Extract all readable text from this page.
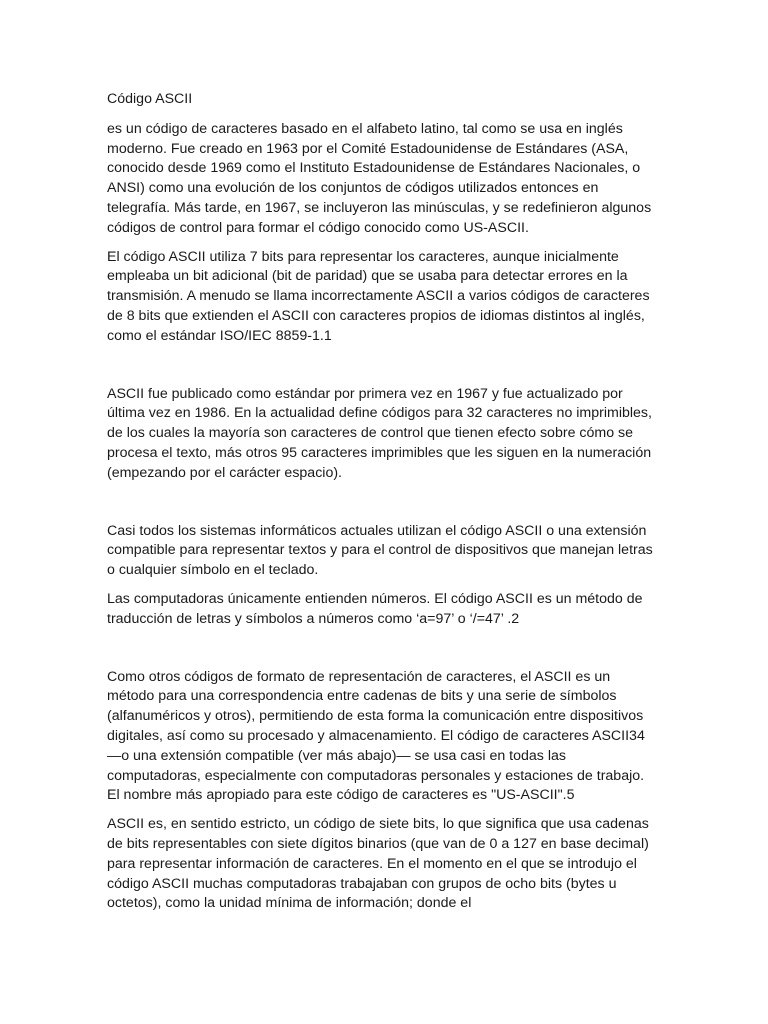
Código ASCII

es un código de caracteres basado en el alfabeto latino, tal como se usa en inglés moderno. Fue creado en 1963 por el Comité Estadounidense de Estándares (ASA, conocido desde 1969 como el Instituto Estadounidense de Estándares Nacionales, o ANSI) como una evolución de los conjuntos de códigos utilizados entonces en telegrafía. Más tarde, en 1967, se incluyeron las minúsculas, y se redefinieron algunos códigos de control para formar el código conocido como US-ASCII.

El código ASCII utiliza 7 bits para representar los caracteres, aunque inicialmente empleaba un bit adicional (bit de paridad) que se usaba para detectar errores en la transmisión. A menudo se llama incorrectamente ASCII a varios códigos de caracteres de 8 bits que extienden el ASCII con caracteres propios de idiomas distintos al inglés, como el estándar ISO/IEC 8859-1.1

ASCII fue publicado como estándar por primera vez en 1967 y fue actualizado por última vez en 1986. En la actualidad define códigos para 32 caracteres no imprimibles, de los cuales la mayoría son caracteres de control que tienen efecto sobre cómo se procesa el texto, más otros 95 caracteres imprimibles que les siguen en la numeración (empezando por el carácter espacio).

Casi todos los sistemas informáticos actuales utilizan el código ASCII o una extensión compatible para representar textos y para el control de dispositivos que manejan letras o cualquier símbolo en el teclado.

Las computadoras únicamente entienden números. El código ASCII es un método de traducción de letras y símbolos a números como ‘a=97’ o ‘/=47’ .2

Como otros códigos de formato de representación de caracteres, el ASCII es un método para una correspondencia entre cadenas de bits y una serie de símbolos (alfanuméricos y otros), permitiendo de esta forma la comunicación entre dispositivos digitales, así como su procesado y almacenamiento. El código de caracteres ASCII34 —o una extensión compatible (ver más abajo)— se usa casi en todas las computadoras, especialmente con computadoras personales y estaciones de trabajo. El nombre más apropiado para este código de caracteres es "US-ASCII".5

ASCII es, en sentido estricto, un código de siete bits, lo que significa que usa cadenas de bits representables con siete dígitos binarios (que van de 0 a 127 en base decimal) para representar información de caracteres. En el momento en el que se introdujo el código ASCII muchas computadoras trabajaban con grupos de ocho bits (bytes u octetos), como la unidad mínima de información; donde el
